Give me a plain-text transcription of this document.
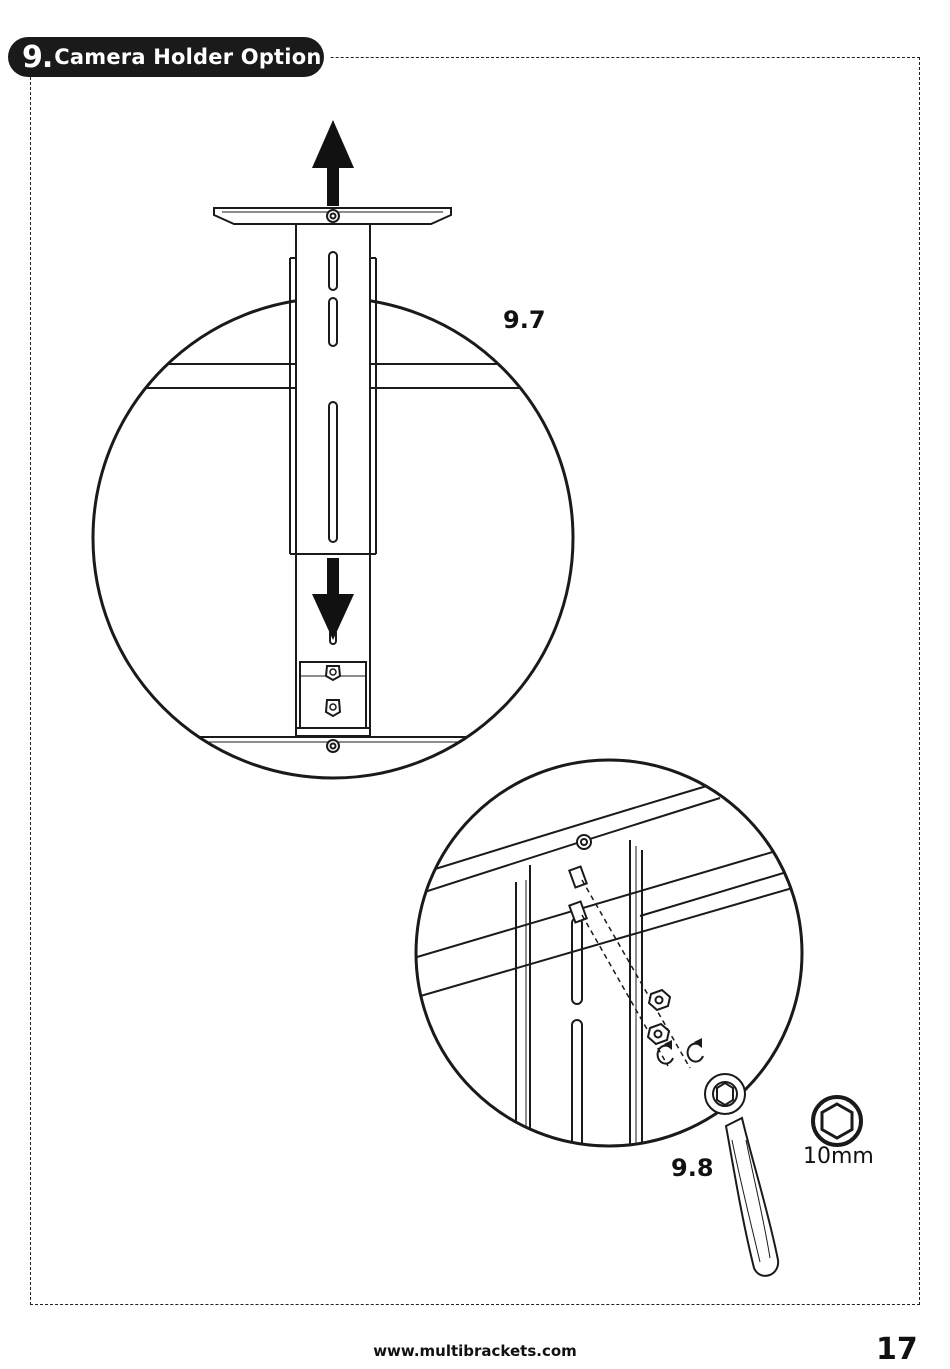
9. Camera Holder Option
9.7
9.8	10mm
www.multibrackets.com	17
